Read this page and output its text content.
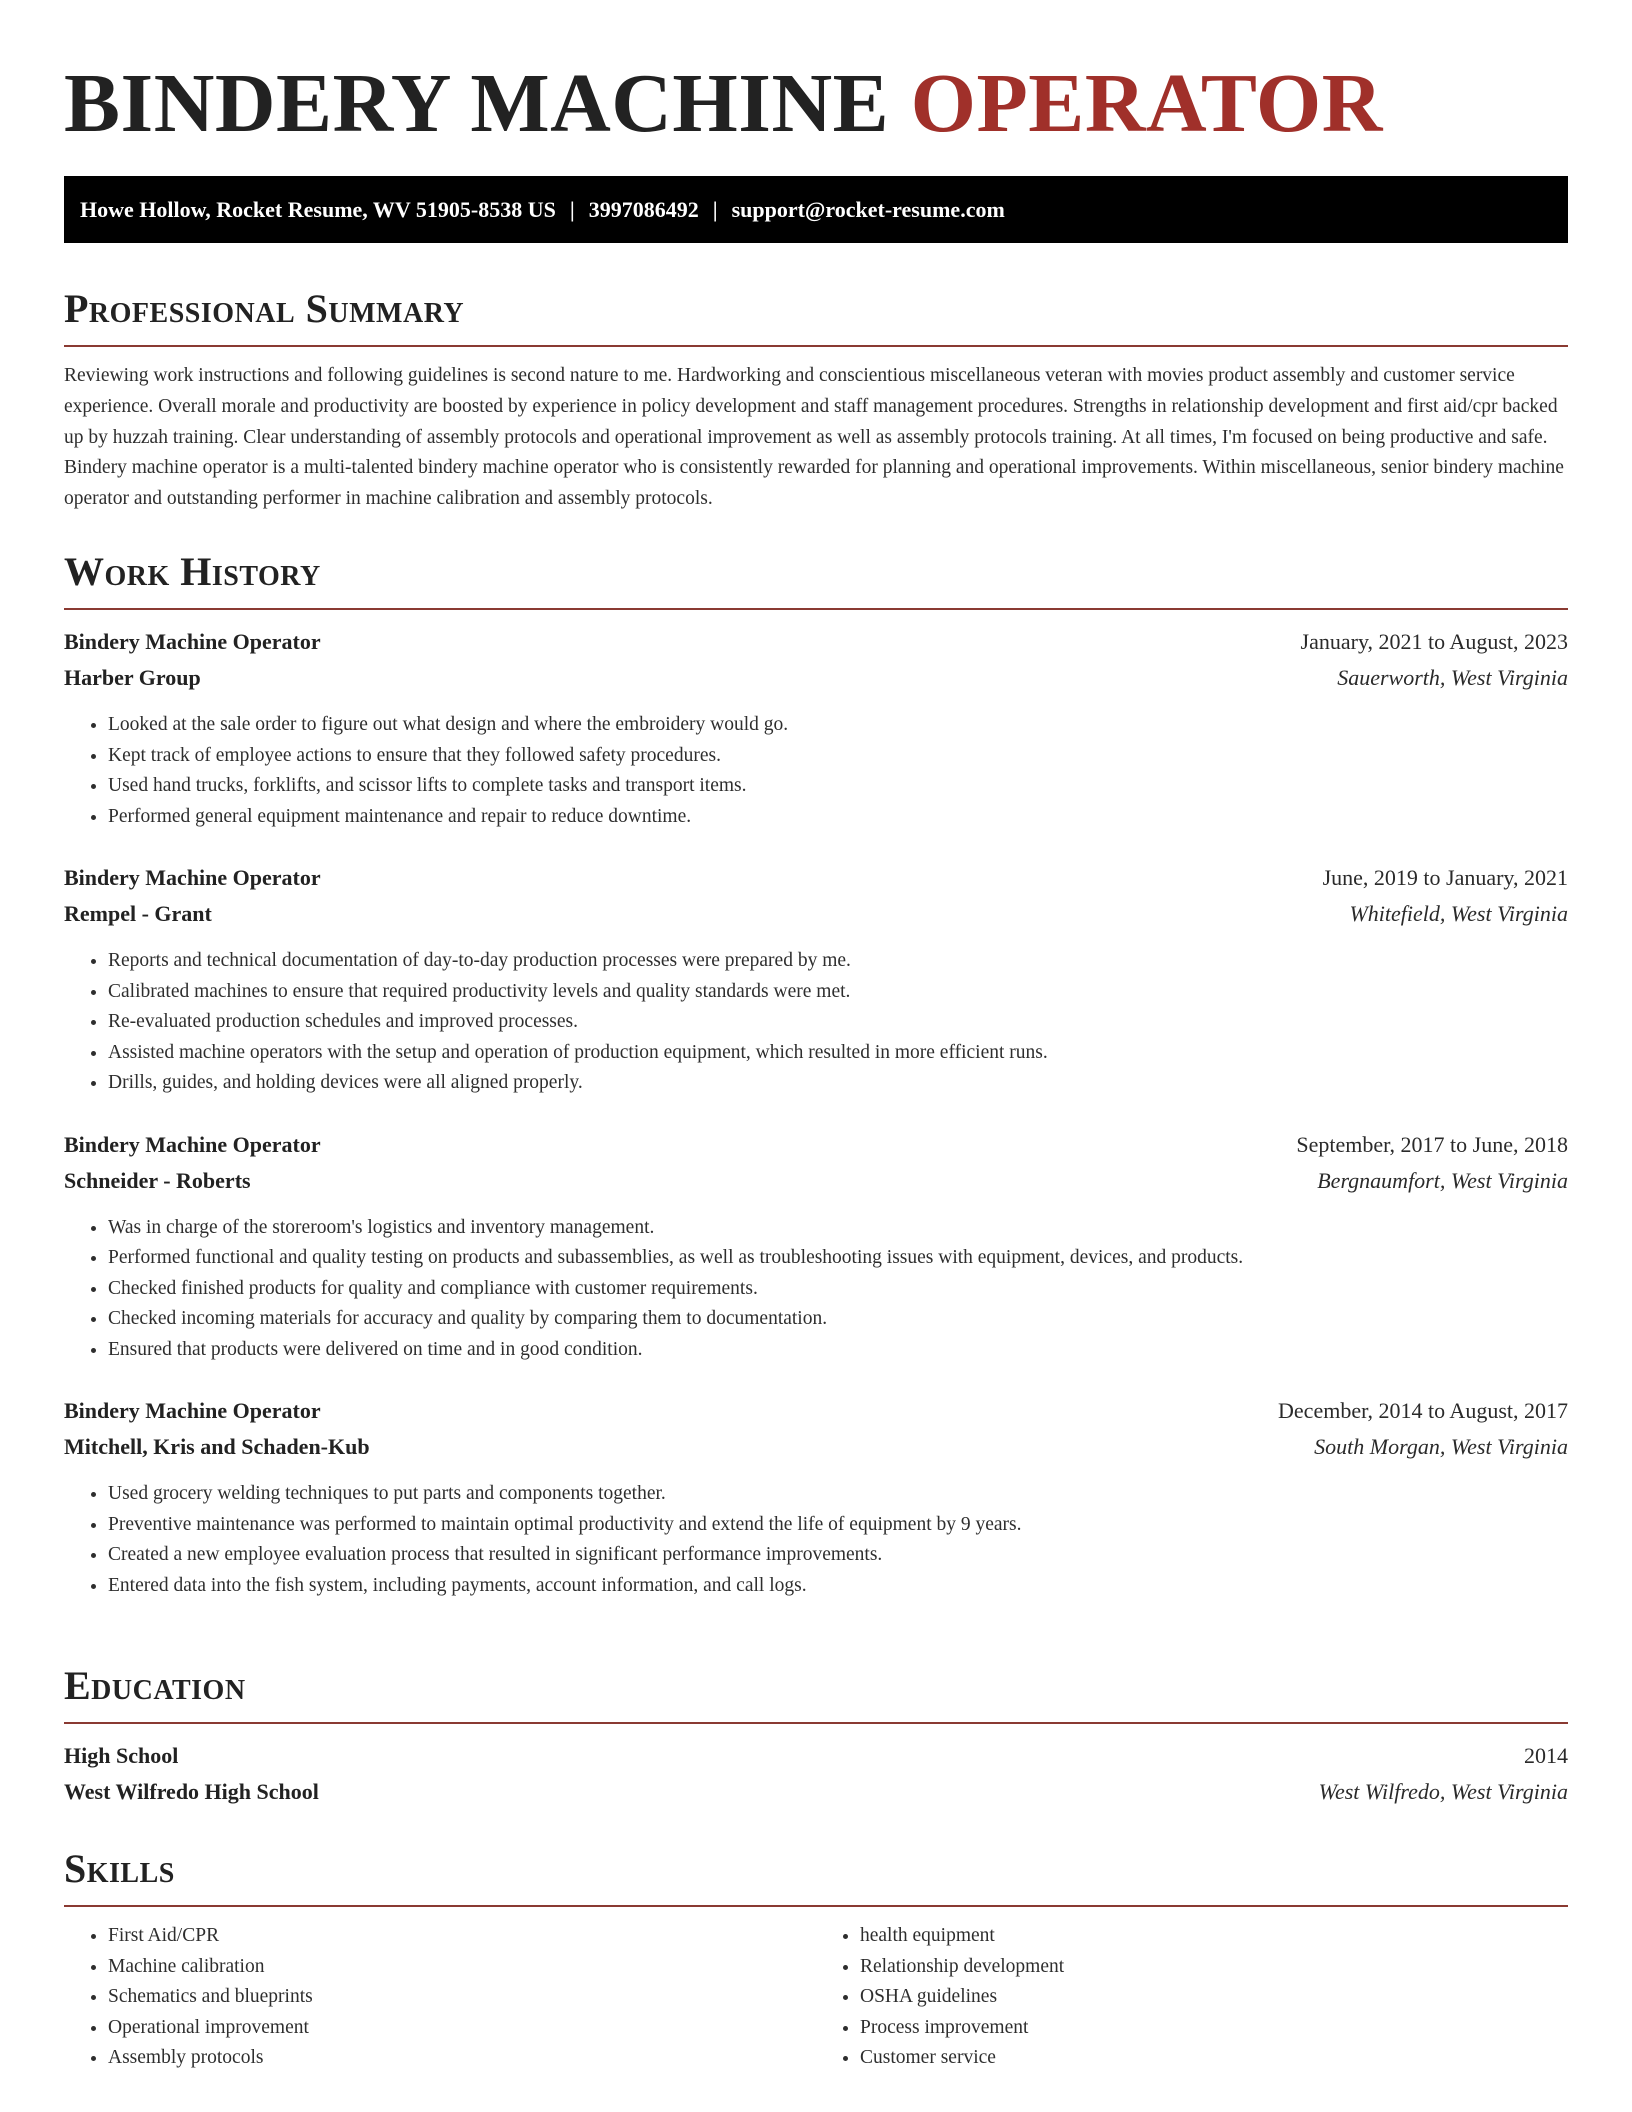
BINDERY MACHINE OPERATOR
Howe Hollow, Rocket Resume, WV 51905-8538 US | 3997086492 | support@rocket-resume.com
Professional Summary

Reviewing work instructions and following guidelines is second nature to me. Hardworking and conscientious miscellaneous veteran with movies product assembly and customer service experience. Overall morale and productivity are boosted by experience in policy development and staff management procedures. Strengths in relationship development and first aid/cpr backed up by huzzah training. Clear understanding of assembly protocols and operational improvement as well as assembly protocols training. At all times, I'm focused on being productive and safe. Bindery machine operator is a multi-talented bindery machine operator who is consistently rewarded for planning and operational improvements. Within miscellaneous, senior bindery machine operator and outstanding performer in machine calibration and assembly protocols.

Work History
Bindery Machine Operator	January, 2021 to August, 2023
Harber Group	Sauerworth, West Virginia
• Looked at the sale order to figure out what design and where the embroidery would go.
• Kept track of employee actions to ensure that they followed safety procedures.
• Used hand trucks, forklifts, and scissor lifts to complete tasks and transport items.
• Performed general equipment maintenance and repair to reduce downtime.
Bindery Machine Operator	June, 2019 to January, 2021
Rempel - Grant	Whitefield, West Virginia
• Reports and technical documentation of day-to-day production processes were prepared by me.
• Calibrated machines to ensure that required productivity levels and quality standards were met.
• Re-evaluated production schedules and improved processes.
• Assisted machine operators with the setup and operation of production equipment, which resulted in more efficient runs.
• Drills, guides, and holding devices were all aligned properly.
Bindery Machine Operator	September, 2017 to June, 2018
Schneider - Roberts	Bergnaumfort, West Virginia
• Was in charge of the storeroom's logistics and inventory management.
• Performed functional and quality testing on products and subassemblies, as well as troubleshooting issues with equipment, devices, and products.
• Checked finished products for quality and compliance with customer requirements.
• Checked incoming materials for accuracy and quality by comparing them to documentation.
• Ensured that products were delivered on time and in good condition.
Bindery Machine Operator	December, 2014 to August, 2017
Mitchell, Kris and Schaden-Kub	South Morgan, West Virginia
• Used grocery welding techniques to put parts and components together.
• Preventive maintenance was performed to maintain optimal productivity and extend the life of equipment by 9 years.
• Created a new employee evaluation process that resulted in significant performance improvements.
• Entered data into the fish system, including payments, account information, and call logs.
Education
High School	2014
West Wilfredo High School	West Wilfredo, West Virginia
Skills
• First Aid/CPR
• Machine calibration
• Schematics and blueprints
• Operational improvement
• Assembly protocols
• health equipment
• Relationship development
• OSHA guidelines
• Process improvement
• Customer service
